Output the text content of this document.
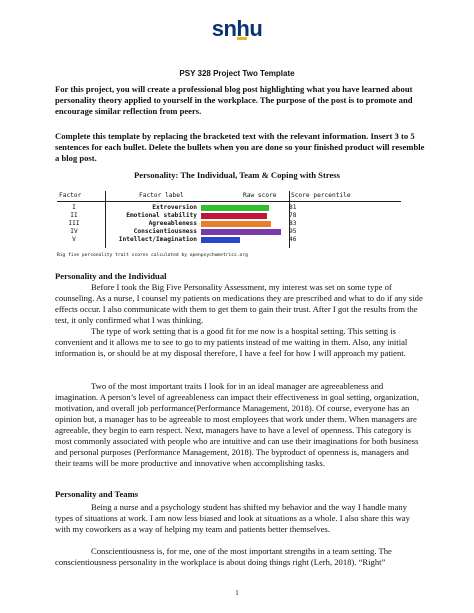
snhu
PSY 328 Project Two Template

For this project, you will create a professional blog post highlighting what you have learned about personality theory applied to yourself in the workplace. The purpose of the post is to promote and encourage similar reflection from peers.

Complete this template by replacing the bracketed text with the relevant information. Insert 3 to 5 sentences for each bullet. Delete the bullets when you are done so your finished product will resemble a blog post.

Personality: The Individual, Team & Coping with Stress
Factor	Factor label	Raw score Score percentile
I	Extroversion	81
II	Emotional stability	78
III	Agreeableness	83
IV	Conscientiousness	95
V	Intellect/Imagination	46
Big five personality trait scores calculated by openpsychometrics.org

Personality and the Individual

Before I took the Big Five Personality Assessment, my interest was set on some type of counseling. As a nurse, I counsel my patients on medications they are prescribed and what to do if any side effects occur. I also communicate with them to get them to gain their trust. After I got the results from the test, it only confirmed what I was thinking.

The type of work setting that is a good fit for me now is a hospital setting. This setting is convenient and it allows me to see to go to my patients instead of me waiting in them. Also, any initial information is, or should be at my disposal therefore, I have a feel for how I will approach my patient.

Two of the most important traits I look for in an ideal manager are agreeableness and imagination. A person’s level of agreeableness can impact their effectiveness in goal setting, organization, motivation, and overall job performance(Performance Management, 2018). Of course, everyone has an opinion but, a manager has to be agreeable to most employees that work under them. When managers are agreeable, they begin to earn respect. Next, managers have to have a level of openness. This category is most commonly associated with people who are intuitive and can use their imaginations for both business and personal purposes (Performance Management, 2018). The byproduct of openness is, managers and their teams will be more productive and innovative when accomplishing tasks.

Personality and Teams

Being a nurse and a psychology student has shifted my behavior and the way I handle many types of situations at work. I am now less biased and look at situations as a whole. I also share this way with my coworkers as a way of helping my team and patients better themselves.

Conscientiousness is, for me, one of the most important strengths in a team setting. The conscientiousness personality in the workplace is about doing things right (Lerh, 2018). “Right”

1
